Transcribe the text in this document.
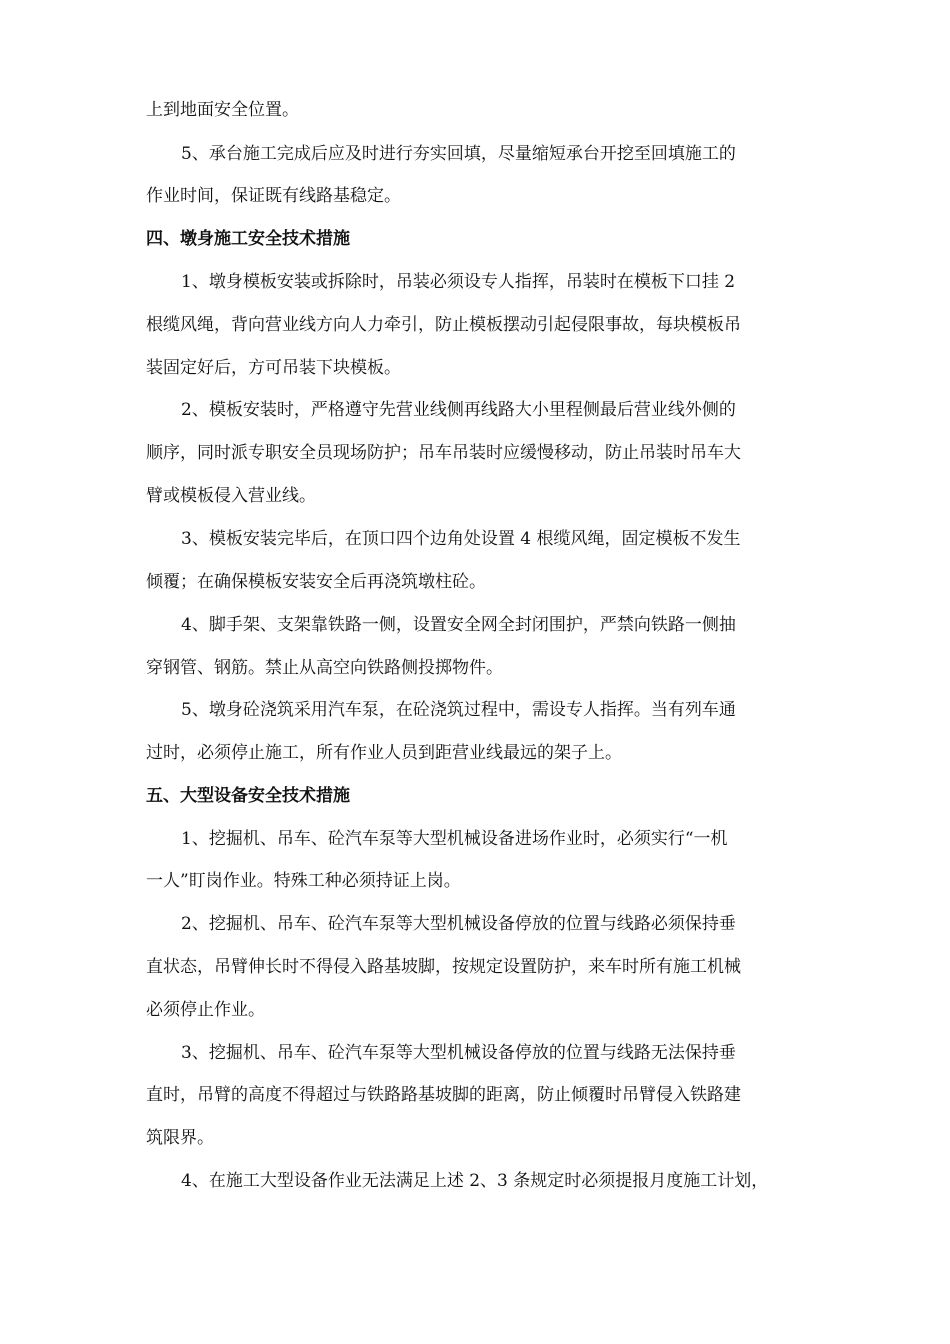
上到地面安全位置。
5、承台施工完成后应及时进行夯实回填，尽量缩短承台开挖至回填施工的
作业时间，保证既有线路基稳定。
四、墩身施工安全技术措施
1、墩身模板安装或拆除时，吊装必须设专人指挥，吊装时在模板下口挂 2
根缆风绳，背向营业线方向人力牵引，防止模板摆动引起侵限事故，每块模板吊
装固定好后，方可吊装下块模板。
2、模板安装时，严格遵守先营业线侧再线路大小里程侧最后营业线外侧的
顺序，同时派专职安全员现场防护；吊车吊装时应缓慢移动，防止吊装时吊车大
臂或模板侵入营业线。
3、模板安装完毕后，在顶口四个边角处设置 4 根缆风绳，固定模板不发生
倾覆；在确保模板安装安全后再浇筑墩柱砼。
4、脚手架、支架靠铁路一侧，设置安全网全封闭围护，严禁向铁路一侧抽
穿钢管、钢筋。禁止从高空向铁路侧投掷物件。
5、墩身砼浇筑采用汽车泵，在砼浇筑过程中，需设专人指挥。当有列车通
过时，必须停止施工，所有作业人员到距营业线最远的架子上。
五、大型设备安全技术措施
1、挖掘机、吊车、砼汽车泵等大型机械设备进场作业时，必须实行“一机
一人”盯岗作业。特殊工种必须持证上岗。
2、挖掘机、吊车、砼汽车泵等大型机械设备停放的位置与线路必须保持垂
直状态，吊臂伸长时不得侵入路基坡脚，按规定设置防护，来车时所有施工机械
必须停止作业。
3、挖掘机、吊车、砼汽车泵等大型机械设备停放的位置与线路无法保持垂
直时，吊臂的高度不得超过与铁路路基坡脚的距离，防止倾覆时吊臂侵入铁路建
筑限界。
4、在施工大型设备作业无法满足上述 2、3 条规定时必须提报月度施工计划，
